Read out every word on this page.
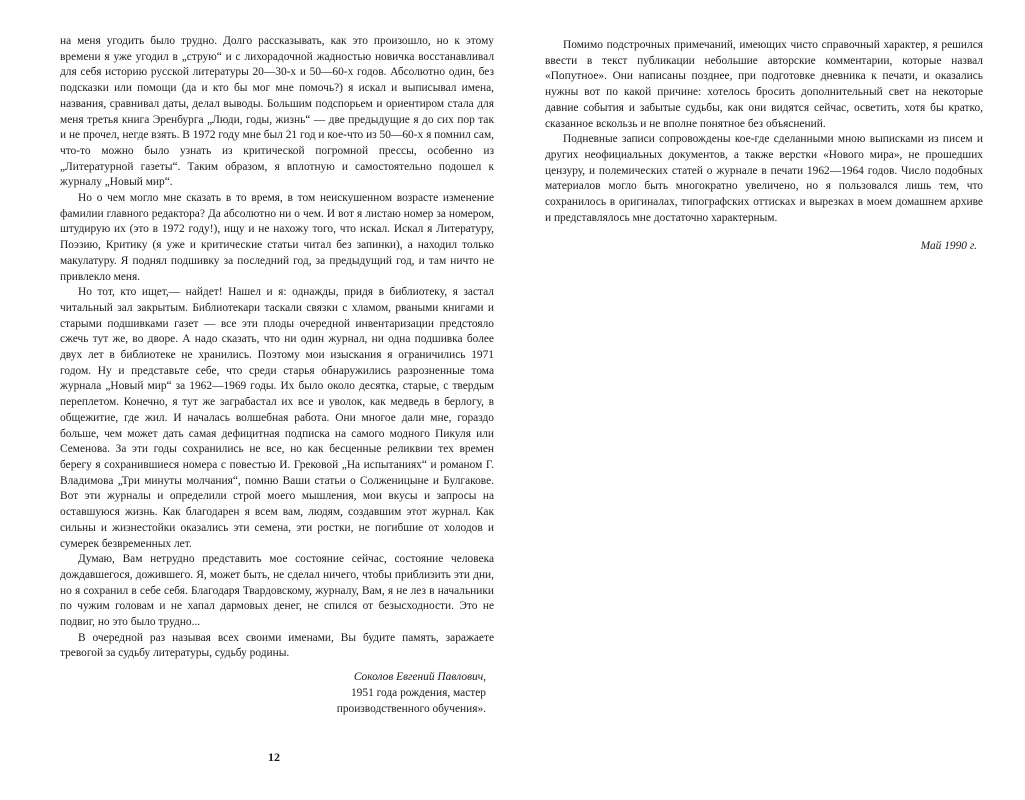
на меня угодить было трудно. Долго рассказывать, как это произошло, но к этому времени я уже угодил в „струю“ и с лихорадочной жадностью новичка восстанавливал для себя историю русской литературы 20—30-х и 50—60-х годов. Абсолютно один, без подсказки или помощи (да и кто бы мог мне помочь?) я искал и выписывал имена, названия, сравнивал даты, делал выводы. Большим подспорьем и ориентиром стала для меня третья книга Эренбурга „Люди, годы, жизнь“ — две предыдущие я до сих пор так и не прочел, негде взять. В 1972 году мне был 21 год и кое-что из 50—60-х я помнил сам, что-то можно было узнать из критической погромной прессы, особенно из „Литературной газеты“. Таким образом, я вплотную и самостоятельно подошел к журналу „Новый мир“.

Но о чем могло мне сказать в то время, в том неискушенном возрасте изменение фамилии главного редактора? Да абсолютно ни о чем. И вот я листаю номер за номером, штудирую их (это в 1972 году!), ищу и не нахожу того, что искал. Искал я Литературу, Поэзию, Критику (я уже и критические статьи читал без запинки), а находил только макулатуру. Я поднял подшивку за последний год, за предыдущий год, и там ничто не привлекло меня.

Но тот, кто ищет,— найдет! Нашел и я: однажды, придя в библиотеку, я застал читальный зал закрытым. Библиотекари таскали связки с хламом, рваными книгами и старыми подшивками газет — все эти плоды очередной инвентаризации предстояло сжечь тут же, во дворе. А надо сказать, что ни один журнал, ни одна подшивка более двух лет в библиотеке не хранились. Поэтому мои изыскания я ограничились 1971 годом. Ну и представьте себе, что среди старья обнаружились разрозненные тома журнала „Новый мир“ за 1962—1969 годы. Их было около десятка, старые, с твердым переплетом. Конечно, я тут же заграбастал их все и уволок, как медведь в берлогу, в общежитие, где жил. И началась волшебная работа. Они многое дали мне, гораздо больше, чем может дать самая дефицитная подписка на самого модного Пикуля или Семенова. За эти годы сохранились не все, но как бесценные реликвии тех времен берегу я сохранившиеся номера с повестью И. Грековой „На испытаниях“ и романом Г. Владимова „Три минуты молчания“, помню Ваши статьи о Солженицыне и Булгакове. Вот эти журналы и определили строй моего мышления, мои вкусы и запросы на оставшуюся жизнь. Как благодарен я всем вам, людям, создавшим этот журнал. Как сильны и жизнестойки оказались эти семена, эти ростки, не погибшие от холодов и сумерек безвременных лет.

Думаю, Вам нетрудно представить мое состояние сейчас, состояние человека дождавшегося, дожившего. Я, может быть, не сделал ничего, чтобы приблизить эти дни, но я сохранил в себе себя. Благодаря Твардовскому, журналу, Вам, я не лез в начальники по чужим головам и не хапал дармовых денег, не спился от безысходности. Это не подвиг, но это было трудно...

В очередной раз называя всех своими именами, Вы будите память, заражаете тревогой за судьбу литературы, судьбу родины.

Соколов Евгений Павлович,
1951 года рождения, мастер
производственного обучения».
12

Помимо подстрочных примечаний, имеющих чисто справочный характер, я решился ввести в текст публикации небольшие авторские комментарии, которые назвал «Попутное». Они написаны позднее, при подготовке дневника к печати, и оказались нужны вот по какой причине: хотелось бросить дополнительный свет на некоторые давние события и забытые судьбы, как они видятся сейчас, осветить, хотя бы кратко, сказанное вскользь и не вполне понятное без объяснений.

Подневные записи сопровождены кое-где сделанными мною выписками из писем и других неофициальных документов, а также верстки «Нового мира», не прошедших цензуру, и полемических статей о журнале в печати 1962—1964 годов. Число подобных материалов могло быть многократно увеличено, но я пользовался лишь тем, что сохранилось в оригиналах, типографских оттисках и вырезках в моем домашнем архиве и представлялось мне достаточно характерным.

Май 1990 г.
